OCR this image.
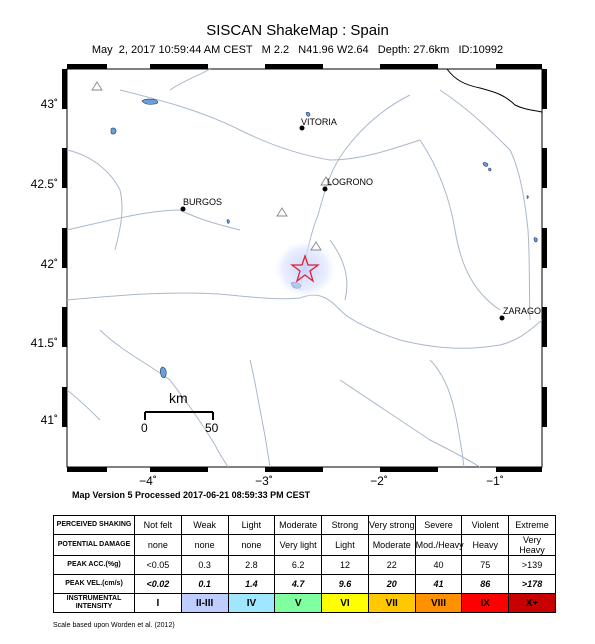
SISCAN ShakeMap : Spain
May  2, 2017 10:59:44 AM CEST   M 2.2   N41.96 W2.64   Depth: 27.6km   ID:10992
VITORIA
LOGRONO
BURGOS
ZARAGO
km
0	50
43˚
42.5˚
42˚
41.5˚
41˚
−4˚	−3˚	−2˚	−1˚
Map Version 5 Processed 2017-06-21 08:59:33 PM CEST
PERCEIVED SHAKING	Not felt	Weak	Light	Moderate	Strong	Very strong	Severe	Violent	Extreme
POTENTIAL DAMAGE	none	none	none	Very light	Light	Moderate	Mod./Heavy	Heavy	Very Heavy
PEAK ACC.(%g)	<0.05	0.3	2.8	6.2	12	22	40	75	>139
PEAK VEL.(cm/s)	<0.02	0.1	1.4	4.7	9.6	20	41	86	>178
INSTRUMENTAL INTENSITY	I	II-III	IV	V	VI	VII	VIII	IX	X+
Scale based upon Worden et al. (2012)
